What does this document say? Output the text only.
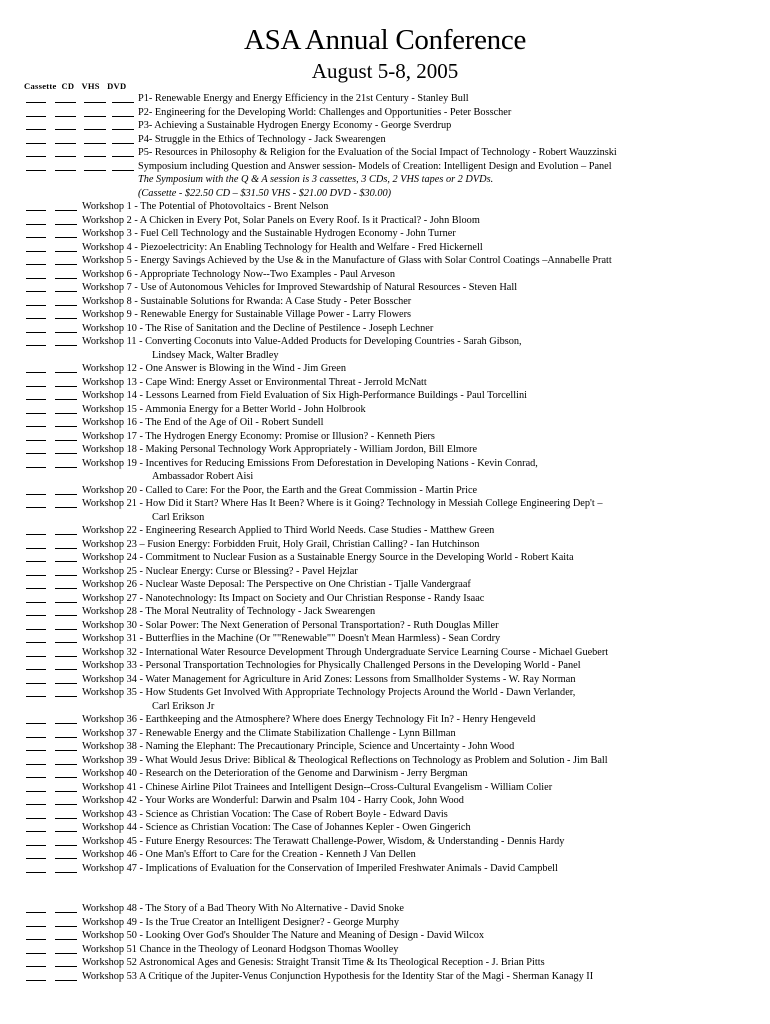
ASA Annual Conference
August 5-8, 2005
Cassette  CD   VHS   DVD
P1- Renewable Energy and Energy Efficiency in the 21st Century - Stanley Bull
P2- Engineering for the Developing World: Challenges and Opportunities - Peter Bosscher
P3- Achieving a Sustainable Hydrogen Energy Economy - George Sverdrup
P4- Struggle in the Ethics of Technology - Jack Swearengen
P5- Resources in Philosophy & Religion for the Evaluation of the Social Impact of Technology - Robert Wauzzinski
Symposium including Question and Answer session- Models of Creation: Intelligent Design and Evolution – Panel
The Symposium with the Q & A session is 3 cassettes, 3 CDs, 2 VHS tapes or 2 DVDs.
(Cassette - $22.50 CD – $31.50 VHS - $21.00 DVD - $30.00)
Workshop 1 - The Potential of Photovoltaics - Brent Nelson
Workshop 2 - A Chicken in Every Pot, Solar Panels on Every Roof. Is it Practical? - John Bloom
Workshop 3 - Fuel Cell Technology and the Sustainable Hydrogen Economy - John Turner
Workshop 4 - Piezoelectricity: An Enabling Technology for Health and Welfare - Fred Hickernell
Workshop 5 - Energy Savings Achieved by the Use & in the Manufacture of Glass with Solar Control Coatings –Annabelle Pratt
Workshop 6 - Appropriate Technology Now--Two Examples - Paul Arveson
Workshop 7 - Use of Autonomous Vehicles for Improved Stewardship of Natural Resources - Steven Hall
Workshop 8 - Sustainable Solutions for Rwanda: A Case Study - Peter Bosscher
Workshop 9 - Renewable Energy for Sustainable Village Power - Larry Flowers
Workshop 10 - The Rise of Sanitation and the Decline of Pestilence - Joseph Lechner
Workshop 11 - Converting Coconuts into Value-Added Products for Developing Countries - Sarah Gibson,
Lindsey Mack, Walter Bradley
Workshop 12 - One Answer is Blowing in the Wind - Jim Green
Workshop 13 - Cape Wind: Energy Asset or Environmental Threat - Jerrold McNatt
Workshop 14 - Lessons Learned from Field Evaluation of Six High-Performance Buildings - Paul Torcellini
Workshop 15 - Ammonia Energy for a Better World - John Holbrook
Workshop 16 - The End of the Age of Oil - Robert Sundell
Workshop 17 - The Hydrogen Energy Economy: Promise or Illusion? - Kenneth Piers
Workshop 18 - Making Personal Technology Work Appropriately - William Jordon, Bill Elmore
Workshop 19 - Incentives for Reducing Emissions From Deforestation in Developing Nations - Kevin Conrad,
Ambassador Robert Aisi
Workshop 20 - Called to Care: For the Poor, the Earth and the Great Commission - Martin Price
Workshop 21 - How Did it Start? Where Has It Been? Where is it Going? Technology in Messiah College Engineering Dep't –
Carl Erikson
Workshop 22 - Engineering Research Applied to Third World Needs. Case Studies - Matthew Green
Workshop 23 – Fusion Energy: Forbidden Fruit, Holy Grail, Christian Calling? - Ian Hutchinson
Workshop 24 - Commitment to Nuclear Fusion as a Sustainable Energy Source in the Developing World - Robert Kaita
Workshop 25 - Nuclear Energy: Curse or Blessing? - Pavel Hejzlar
Workshop 26 - Nuclear Waste Deposal: The Perspective on One Christian - Tjalle Vandergraaf
Workshop 27 - Nanotechnology: Its Impact on Society and Our Christian Response - Randy Isaac
Workshop 28 - The Moral Neutrality of Technology - Jack Swearengen
Workshop 30 - Solar Power: The Next Generation of Personal Transportation? - Ruth Douglas Miller
Workshop 31 - Butterflies in the Machine (Or ""Renewable"" Doesn't Mean Harmless) - Sean Cordry
Workshop 32 - International Water Resource Development Through Undergraduate Service Learning Course - Michael Guebert
Workshop 33 - Personal Transportation Technologies for Physically Challenged Persons in the Developing World - Panel
Workshop 34 - Water Management for Agriculture in Arid Zones: Lessons from Smallholder Systems - W. Ray Norman
Workshop 35 - How Students Get Involved With Appropriate Technology Projects Around the World - Dawn Verlander,
Carl Erikson Jr
Workshop 36 - Earthkeeping and the Atmosphere? Where does Energy Technology Fit In? - Henry Hengeveld
Workshop 37 - Renewable Energy and the Climate Stabilization Challenge - Lynn Billman
Workshop 38 - Naming the Elephant: The Precautionary Principle, Science and Uncertainty - John Wood
Workshop 39 - What Would Jesus Drive: Biblical & Theological Reflections on Technology as Problem and Solution - Jim Ball
Workshop 40 - Research on the Deterioration of the Genome and Darwinism - Jerry Bergman
Workshop 41 - Chinese Airline Pilot Trainees and Intelligent Design--Cross-Cultural Evangelism - William Colier
Workshop 42 - Your Works are Wonderful: Darwin and Psalm 104 - Harry Cook, John Wood
Workshop 43 - Science as Christian Vocation: The Case of Robert Boyle - Edward Davis
Workshop 44 - Science as Christian Vocation: The Case of Johannes Kepler - Owen Gingerich
Workshop 45 - Future Energy Resources: The Terawatt Challenge-Power, Wisdom, & Understanding - Dennis Hardy
Workshop 46 - One Man's Effort to Care for the Creation - Kenneth J Van Dellen
Workshop 47 - Implications of Evaluation for the Conservation of Imperiled Freshwater Animals - David Campbell
Workshop 48 - The Story of a Bad Theory With No Alternative - David Snoke
Workshop 49 - Is the True Creator an Intelligent Designer? - George Murphy
Workshop 50 - Looking Over God's Shoulder The Nature and Meaning of Design - David Wilcox
Workshop 51 Chance in the Theology of Leonard Hodgson Thomas Woolley
Workshop 52 Astronomical Ages and Genesis: Straight Transit Time & Its Theological Reception - J. Brian Pitts
Workshop 53 A Critique of the Jupiter-Venus Conjunction Hypothesis for the Identity Star of the Magi - Sherman Kanagy II
